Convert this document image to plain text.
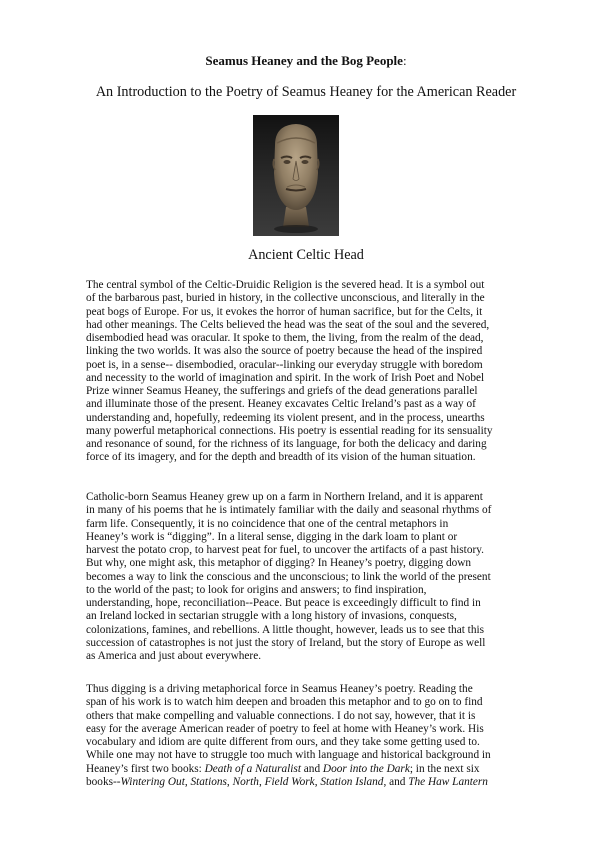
Seamus Heaney and the Bog People:
An Introduction to the Poetry of Seamus Heaney for the American Reader
Ancient Celtic Head

The central symbol of the Celtic-Druidic Religion is the severed head. It is a symbol out
of the barbarous past, buried in history, in the collective unconscious, and literally in the
peat bogs of Europe. For us, it evokes the horror of human sacrifice, but for the Celts, it
had other meanings. The Celts believed the head was the seat of the soul and the severed,
disembodied head was oracular. It spoke to them, the living, from the realm of the dead,
linking the two worlds. It was also the source of poetry because the head of the inspired
poet is, in a sense-- disembodied, oracular--linking our everyday struggle with boredom
and necessity to the world of imagination and spirit. In the work of Irish Poet and Nobel
Prize winner Seamus Heaney, the sufferings and griefs of the dead generations parallel
and illuminate those of the present. Heaney excavates Celtic Ireland’s past as a way of
understanding and, hopefully, redeeming its violent present, and in the process, unearths
many powerful metaphorical connections. His poetry is essential reading for its sensuality
and resonance of sound, for the richness of its language, for both the delicacy and daring
force of its imagery, and for the depth and breadth of its vision of the human situation.

Catholic-born Seamus Heaney grew up on a farm in Northern Ireland, and it is apparent
in many of his poems that he is intimately familiar with the daily and seasonal rhythms of
farm life. Consequently, it is no coincidence that one of the central metaphors in
Heaney’s work is “digging”. In a literal sense, digging in the dark loam to plant or
harvest the potato crop, to harvest peat for fuel, to uncover the artifacts of a past history.
But why, one might ask, this metaphor of digging? In Heaney’s poetry, digging down
becomes a way to link the conscious and the unconscious; to link the world of the present
to the world of the past; to look for origins and answers; to find inspiration,
understanding, hope, reconciliation--Peace. But peace is exceedingly difficult to find in
an Ireland locked in sectarian struggle with a long history of invasions, conquests,
colonizations, famines, and rebellions. A little thought, however, leads us to see that this
succession of catastrophes is not just the story of Ireland, but the story of Europe as well
as America and just about everywhere.

Thus digging is a driving metaphorical force in Seamus Heaney’s poetry. Reading the
span of his work is to watch him deepen and broaden this metaphor and to go on to find
others that make compelling and valuable connections. I do not say, however, that it is
easy for the average American reader of poetry to feel at home with Heaney’s work. His
vocabulary and idiom are quite different from ours, and they take some getting used to.
While one may not have to struggle too much with language and historical background in
Heaney’s first two books: Death of a Naturalist and Door into the Dark; in the next six
books--Wintering Out, Stations, North, Field Work, Station Island, and The Haw Lantern
